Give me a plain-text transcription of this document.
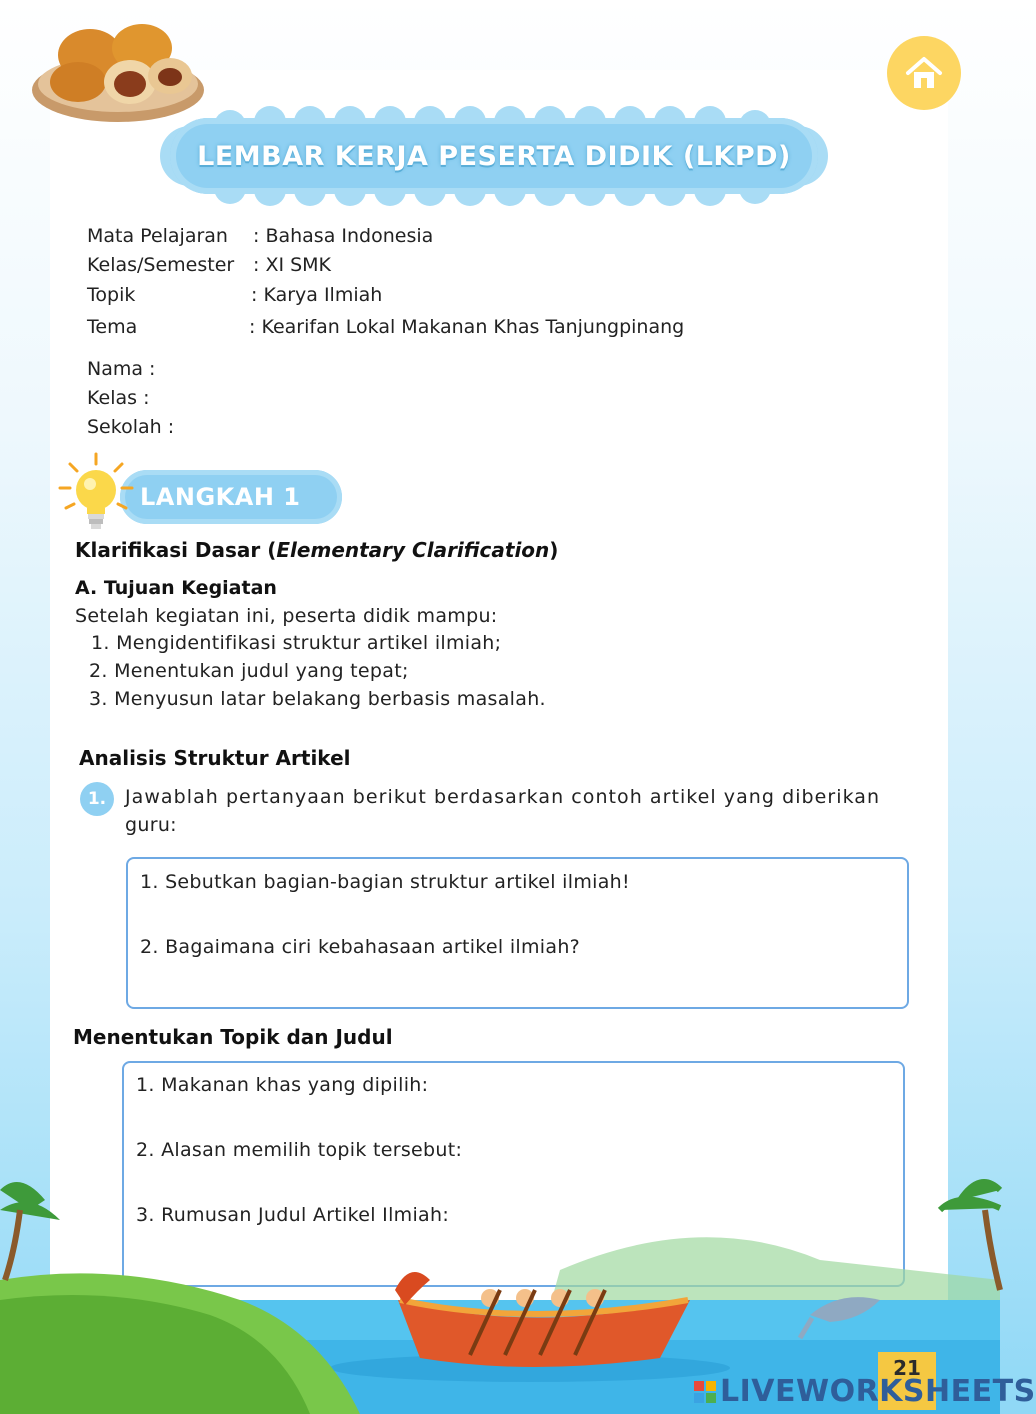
LEMBAR KERJA PESERTA DIDIK (LKPD)
Mata Pelajaran : Bahasa Indonesia
Kelas/Semester : XI SMK
Topik	: Karya Ilmiah
Tema	: Kearifan Lokal Makanan Khas Tanjungpinang
Nama :
Kelas :
Sekolah :
LANGKAH 1
Klarifikasi Dasar (Elementary Clarification)
A. Tujuan Kegiatan
Setelah kegiatan ini, peserta didik mampu:
1. Mengidentifikasi struktur artikel ilmiah;
2. Menentukan judul yang tepat;
3. Menyusun latar belakang berbasis masalah.
Analisis Struktur Artikel
1. Jawablah pertanyaan berikut berdasarkan contoh artikel yang diberikan
guru:
1. Sebutkan bagian-bagian struktur artikel ilmiah!
2. Bagaimana ciri kebahasaan artikel ilmiah?
Menentukan Topik dan Judul
1. Makanan khas yang dipilih:
2. Alasan memilih topik tersebut:
3. Rumusan Judul Artikel Ilmiah:
21
LIVEWORKSHEETS
